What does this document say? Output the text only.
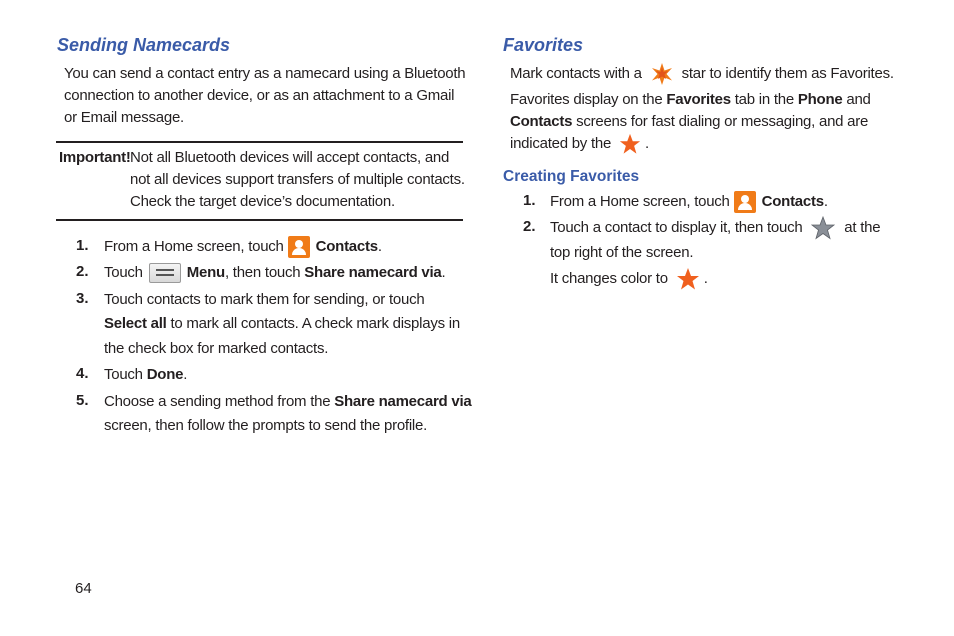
Sending Namecards
You can send a contact entry as a namecard using a Bluetooth connection to another device, or as an attachment to a Gmail or Email message.
Important! Not all Bluetooth devices will accept contacts, and not all devices support transfers of multiple contacts. Check the target device’s documentation.
1. From a Home screen, touch Contacts.
2. Touch	Menu, then touch Share namecard via.
3. Touch contacts to mark them for sending, or touch
Select all to mark all contacts. A check mark displays in
the check box for marked contacts.
4. Touch Done.
5. Choose a sending method from the Share namecard via
screen, then follow the prompts to send the profile.
Favorites
Mark contacts with a	star to identify them as Favorites.
Favorites display on the Favorites tab in the Phone and
Contacts screens for fast dialing or messaging, and are
indicated by the .
Creating Favorites
1. From a Home screen, touch Contacts.
2. Touch a contact to display it, then touch	at the
top right of the screen.
It changes color to .
64
